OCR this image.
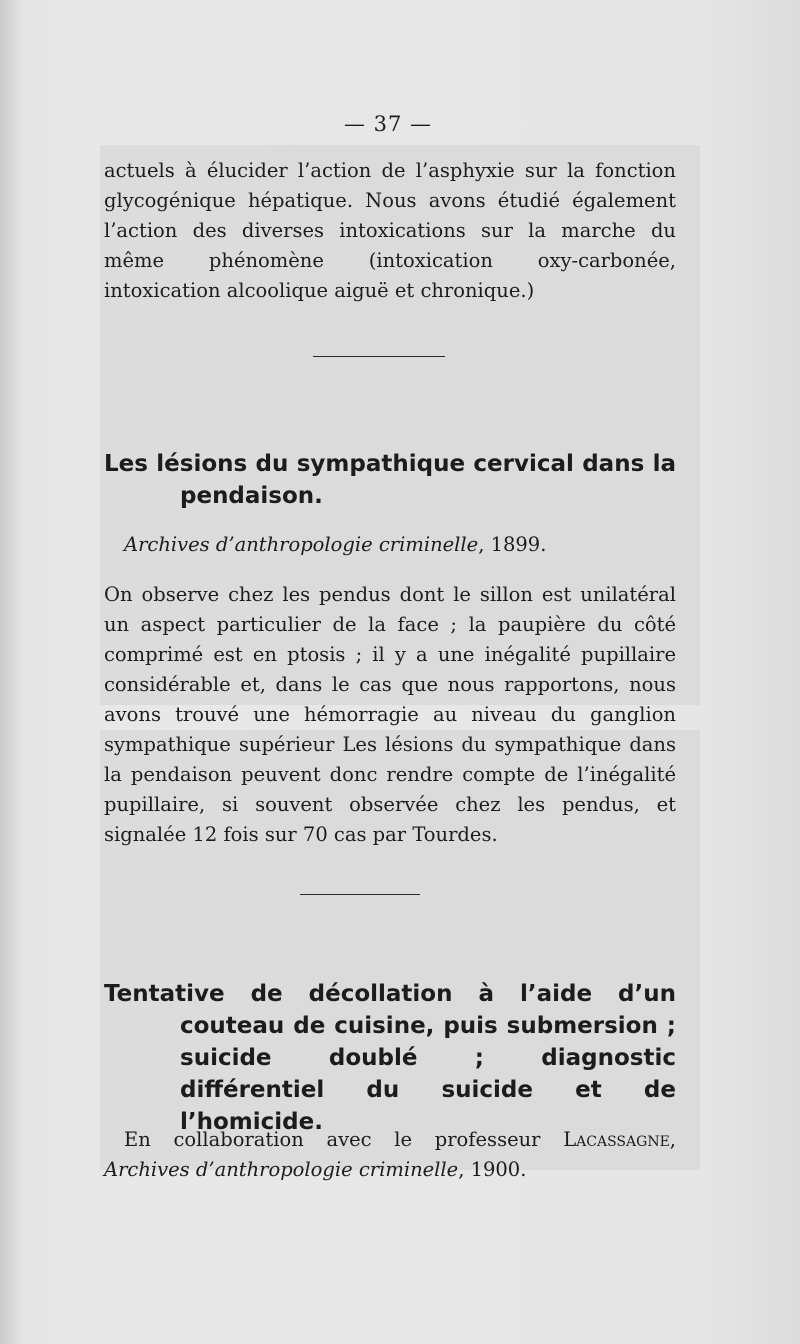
— 37 —

actuels à élucider l’action de l’asphyxie sur la fonction glycogénique hépatique. Nous avons étudié également l’action des diverses intoxications sur la marche du même phénomène (intoxication oxy-carbonée, intoxication alcoolique aiguë et chronique.)

Les lésions du sympathique cervical dans la pendaison.

Archives d’anthropologie criminelle, 1899.

On observe chez les pendus dont le sillon est unilatéral un aspect particulier de la face ; la paupière du côté comprimé est en ptosis ; il y a une inégalité pupillaire considérable et, dans le cas que nous rapportons, nous avons trouvé une hémorragie au niveau du ganglion sympathique supérieur Les lésions du sympathique dans la pendaison peuvent donc rendre compte de l’inégalité pupillaire, si souvent observée chez les pendus, et signalée 12 fois sur 70 cas par Tourdes.

Tentative de décollation à l’aide d’un couteau de cuisine, puis submersion ; suicide doublé ; diagnostic différentiel du suicide et de l’homicide.

En collaboration avec le professeur Lacassagne, Archives d’anthropologie criminelle, 1900.
